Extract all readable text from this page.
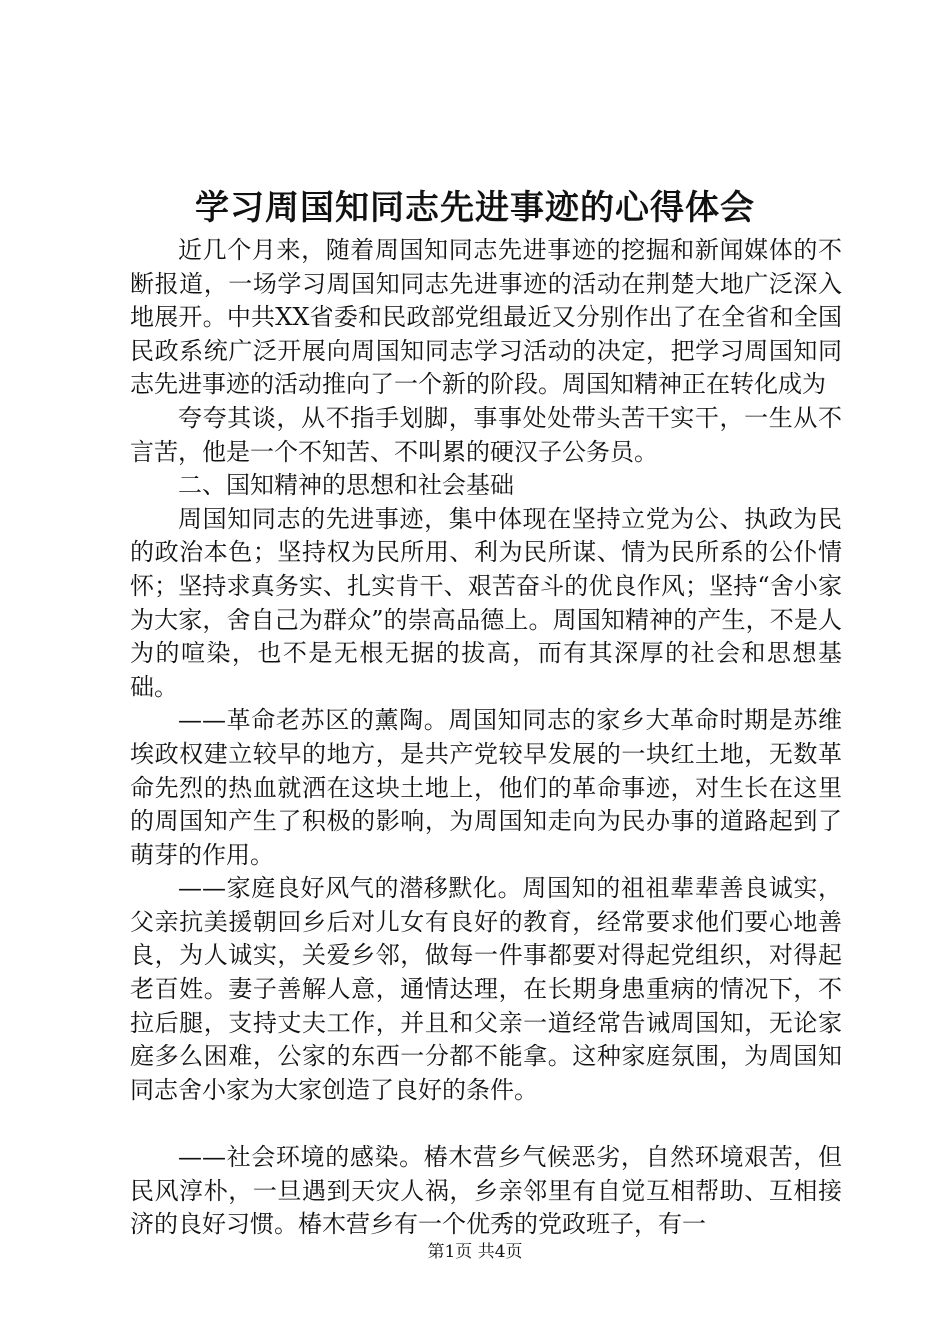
学习周国知同志先进事迹的心得体会

近几个月来，随着周国知同志先进事迹的挖掘和新闻媒体的不断报道，一场学习周国知同志先进事迹的活动在荆楚大地广泛深入地展开。中共XX省委和民政部党组最近又分别作出了在全省和全国民政系统广泛开展向周国知同志学习活动的决定，把学习周国知同志先进事迹的活动推向了一个新的阶段。周国知精神正在转化成为

夸夸其谈，从不指手划脚，事事处处带头苦干实干，一生从不言苦，他是一个不知苦、不叫累的硬汉子公务员。

二、国知精神的思想和社会基础

周国知同志的先进事迹，集中体现在坚持立党为公、执政为民的政治本色；坚持权为民所用、利为民所谋、情为民所系的公仆情怀；坚持求真务实、扎实肯干、艰苦奋斗的优良作风；坚持“舍小家为大家，舍自己为群众”的崇高品德上。周国知精神的产生，不是人为的喧染，也不是无根无据的拔高，而有其深厚的社会和思想基础。

——革命老苏区的薰陶。周国知同志的家乡大革命时期是苏维埃政权建立较早的地方，是共产党较早发展的一块红土地，无数革命先烈的热血就洒在这块土地上，他们的革命事迹，对生长在这里的周国知产生了积极的影响，为周国知走向为民办事的道路起到了萌芽的作用。

——家庭良好风气的潜移默化。周国知的祖祖辈辈善良诚实，父亲抗美援朝回乡后对儿女有良好的教育，经常要求他们要心地善良，为人诚实，关爱乡邻，做每一件事都要对得起党组织，对得起老百姓。妻子善解人意，通情达理，在长期身患重病的情况下，不拉后腿，支持丈夫工作，并且和父亲一道经常告诫周国知，无论家庭多么困难，公家的东西一分都不能拿。这种家庭氛围，为周国知同志舍小家为大家创造了良好的条件。

——社会环境的感染。椿木营乡气候恶劣，自然环境艰苦，但民风淳朴，一旦遇到天灾人祸，乡亲邻里有自觉互相帮助、互相接济的良好习惯。椿木营乡有一个优秀的党政班子，有一

第1页 共4页
